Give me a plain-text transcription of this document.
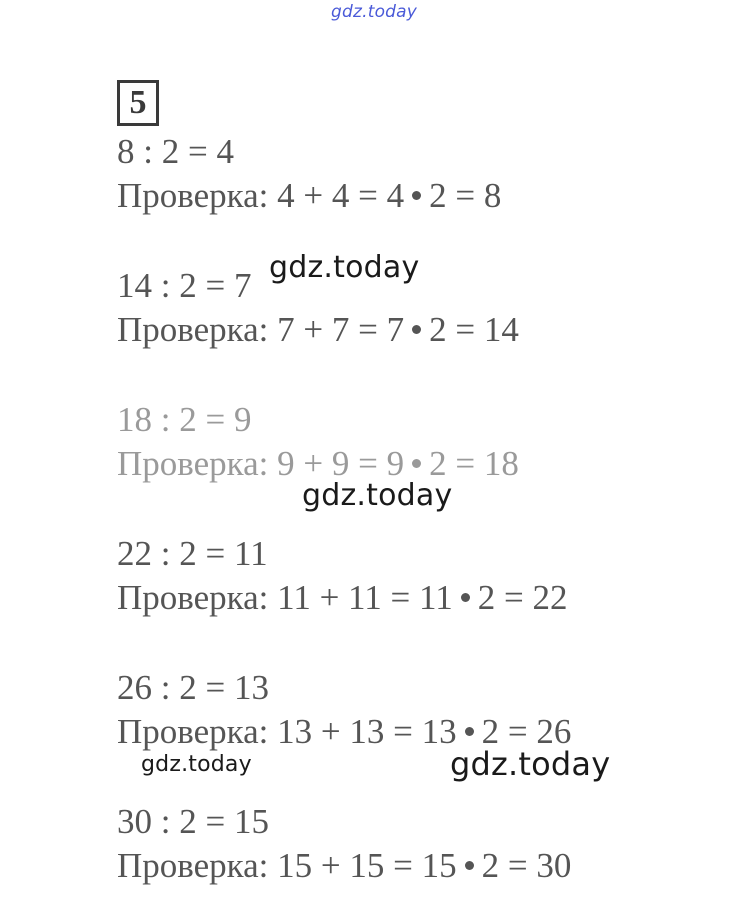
gdz.today
5
8 : 2 = 4
Проверка: 4 + 4 = 4 2 = 8
14 : 2 = 7
Проверка: 7 + 7 = 7 2 = 14
18 : 2 = 9
Проверка: 9 + 9 = 9 2 = 18
22 : 2 = 11
Проверка: 11 + 11 = 11 2 = 22
26 : 2 = 13
Проверка: 13 + 13 = 13 2 = 26
30 : 2 = 15
Проверка: 15 + 15 = 15 2 = 30
gdz.today
gdz.today
gdz.today	gdz.today
